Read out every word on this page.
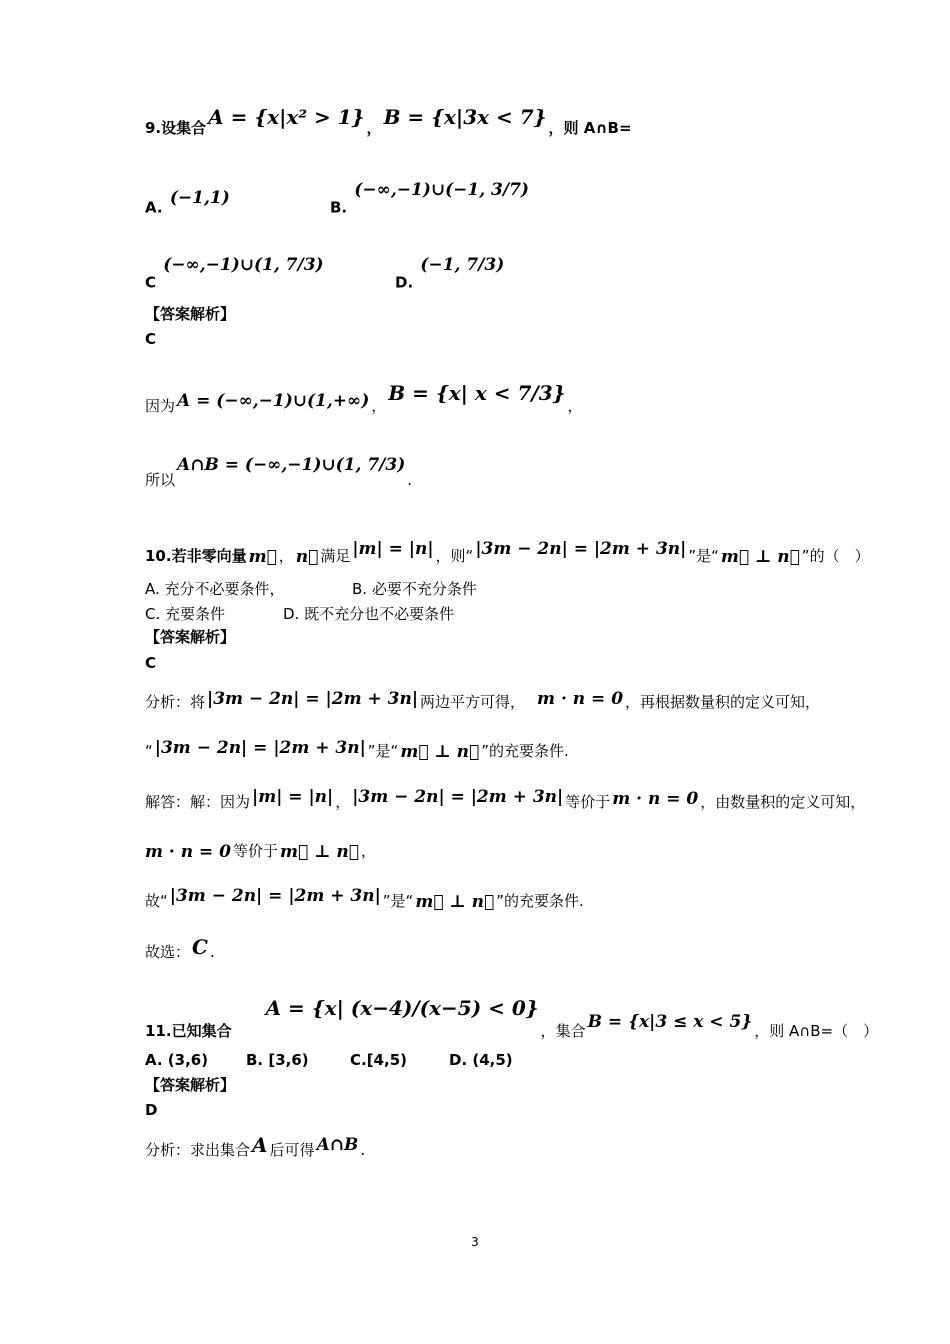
9.设集合 A = {x|x² > 1} ， B = {x|3x < 7} ，则 A∩B=
A. (−1,1)	B. (−∞,−1)∪(−1, 3/7)
C (−∞,−1)∪(1, 7/3)
D. (−1, 7/3)
【答案解析】
C
因为 A = (−∞,−1)∪(1,+∞) ，B = {x| x < 7/3}，
所以A∩B = (−∞,−1)∪(1, 7/3).
10.若非零向量 m⃗ ， n⃗ 满足 |m| = |n| ，则“ |3m − 2n| = |2m + 3n| ”是“ m⃗ ⊥ n⃗ ”的（　）
A. 充分不必要条件，	B. 必要不充分条件
C. 充要条件	D. 既不充分也不必要条件
【答案解析】
C
分析：将 |3m − 2n| = |2m + 3n| 两边平方可得， m · n = 0 ，再根据数量积的定义可知，
“ |3m − 2n| = |2m + 3n| ”是“ m⃗ ⊥ n⃗ ”的充要条件.
解答：解：因为 |m| = |n| ， |3m − 2n| = |2m + 3n| 等价于 m · n = 0 ，由数量积的定义可知，
m · n = 0 等价于 m⃗ ⊥ n⃗ ，
故“ |3m − 2n| = |2m + 3n| ”是“ m⃗ ⊥ n⃗ ”的充要条件.
故选： C .
11.已知集合A = {x| (x−4)/(x−5) < 0}，集合 B = {x|3 ≤ x < 5} ，则 A∩B=（　）
A. (3,6)	B. [3,6)	C.[4,5)	D. (4,5)
【答案解析】
D
分析：求出集合 A 后可得 A∩B .
3
